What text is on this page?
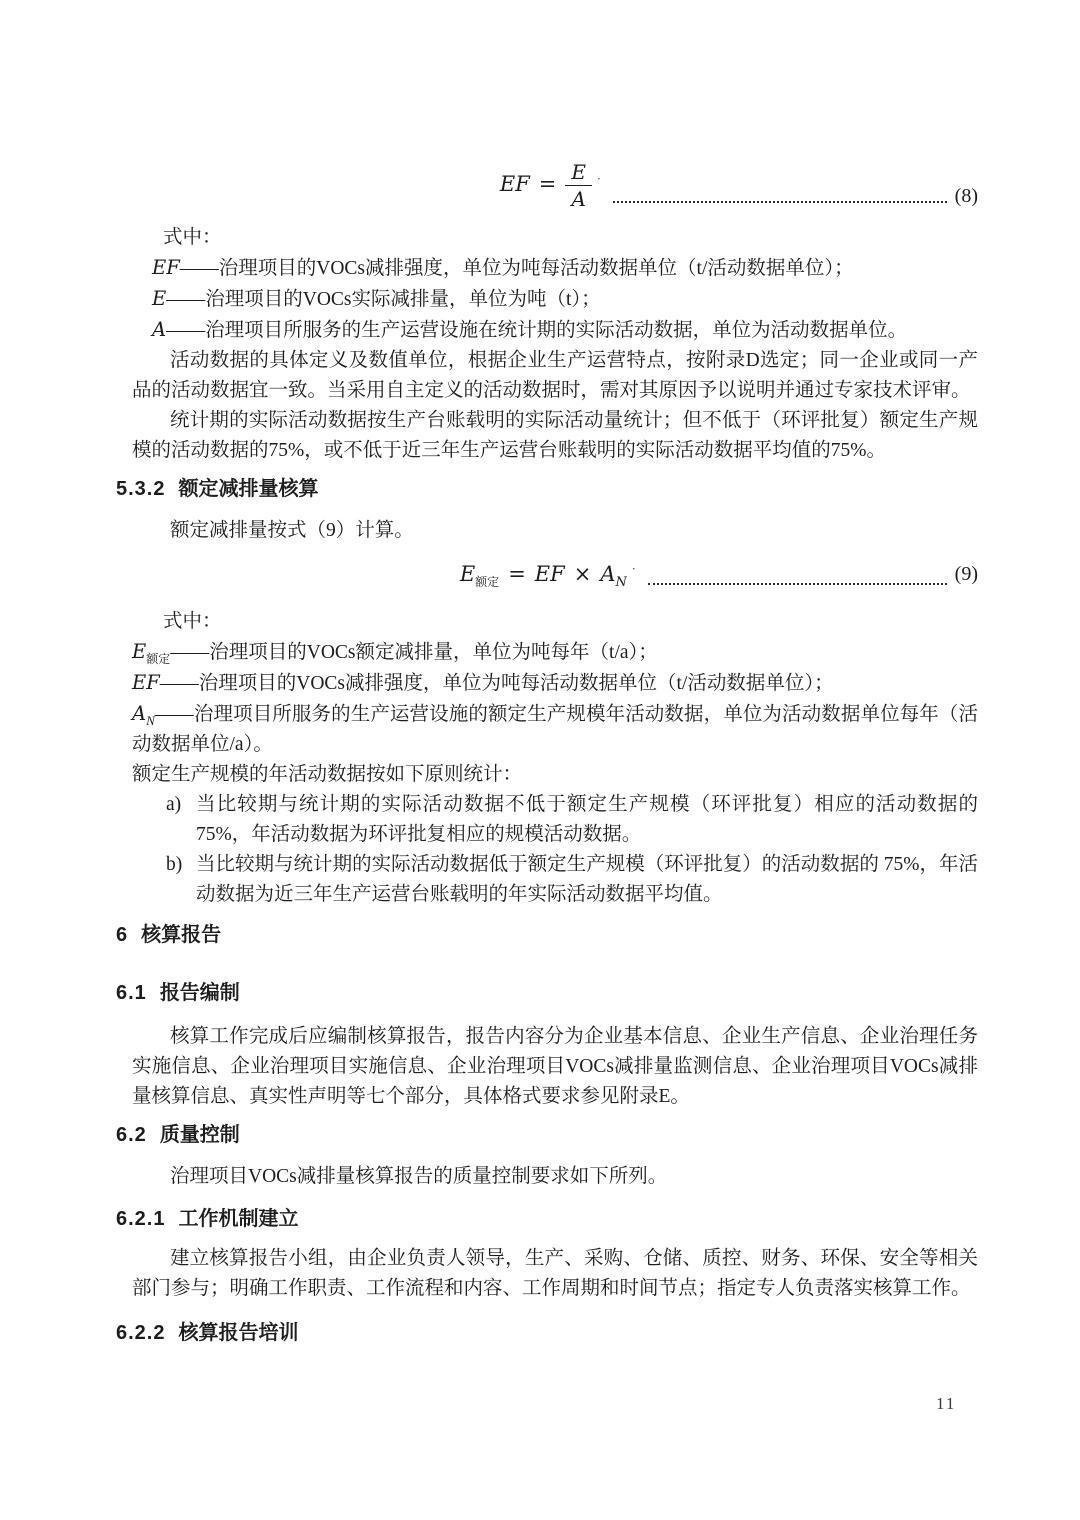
EF = $\frac{E}{A} ^\cdot$
(8)

式中：

EF——治理项目的VOCs减排强度，单位为吨每活动数据单位（t/活动数据单位）；

E——治理项目的VOCs实际减排量，单位为吨（t）；

A——治理项目所服务的生产运营设施在统计期的实际活动数据，单位为活动数据单位。

活动数据的具体定义及数值单位，根据企业生产运营特点，按附录D选定；同一企业或同一产品的活动数据宜一致。当采用自主定义的活动数据时，需对其原因予以说明并通过专家技术评审。

统计期的实际活动数据按生产台账载明的实际活动量统计；但不低于（环评批复）额定生产规模的活动数据的75%，或不低于近三年生产运营台账载明的实际活动数据平均值的75%。

5.3.2 额定减排量核算

额定减排量按式（9）计算。

$E_{额定}$ = EF × $A_N^\cdot$	(9)

式中：

$E_{额定}——$治理项目的VOCs额定减排量，单位为吨每年（t/a）；

EF——治理项目的VOCs减排强度，单位为吨每活动数据单位（t/活动数据单位）；

$A_N——$治理项目所服务的生产运营设施的额定生产规模年活动数据，单位为活动数据单位每年（活动数据单位/a）。

额定生产规模的年活动数据按如下原则统计：

a) 当比较期与统计期的实际活动数据不低于额定生产规模（环评批复）相应的活动数据的 75%，年活动数据为环评批复相应的规模活动数据。
b) 当比较期与统计期的实际活动数据低于额定生产规模（环评批复）的活动数据的 75%，年活动数据为近三年生产运营台账载明的年实际活动数据平均值。

6 核算报告

6.1 报告编制

核算工作完成后应编制核算报告，报告内容分为企业基本信息、企业生产信息、企业治理任务实施信息、企业治理项目实施信息、企业治理项目VOCs减排量监测信息、企业治理项目VOCs减排量核算信息、真实性声明等七个部分，具体格式要求参见附录E。

6.2 质量控制

治理项目VOCs减排量核算报告的质量控制要求如下所列。

6.2.1 工作机制建立

建立核算报告小组，由企业负责人领导，生产、采购、仓储、质控、财务、环保、安全等相关部门参与；明确工作职责、工作流程和内容、工作周期和时间节点；指定专人负责落实核算工作。

6.2.2 核算报告培训

11
